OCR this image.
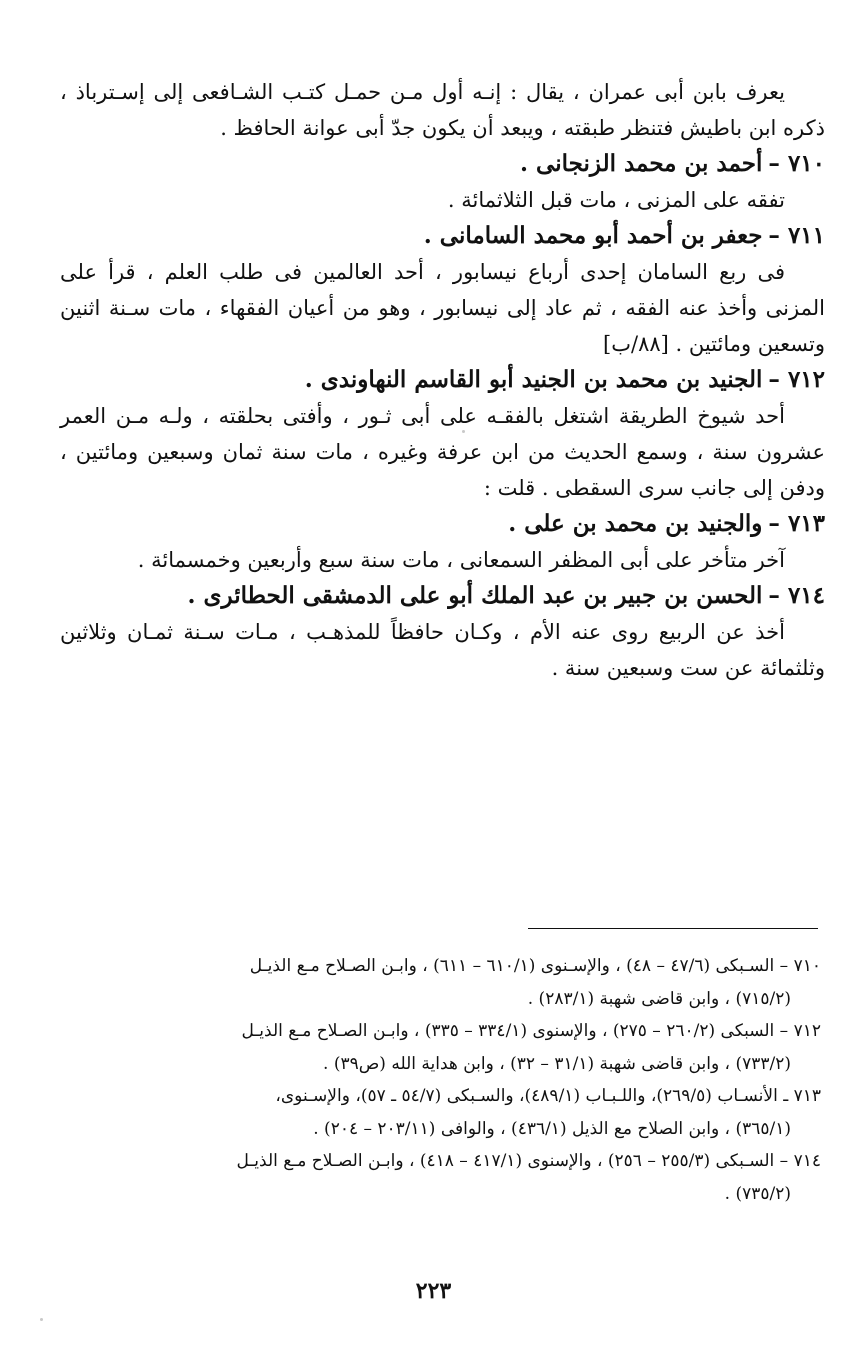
يعرف بابن أبى عمران ، يقال : إنـه أول مـن حمـل كتـب الشـافعى إلى إسـترباذ ، ذكره ابن باطيش فتنظر طبقته ، ويبعد أن يكون جدّ أبى عوانة الحافظ .

٧١٠ –أحمد بن محمد الزنجانى .

تفقه على المزنى ، مات قبل الثلاثمائة .

٧١١ –جعفر بن أحمد أبو محمد السامانى .

فى ربع السامان إحدى أرباع نيسابور ، أحد العالمين فى طلب العلم ، قرأ على المزنى وأخذ عنه الفقه ، ثم عاد إلى نيسابور ، وهو من أعيان الفقهاء ، مات سـنة اثنين وتسعين ومائتين . [٨٨/ب]

٧١٢ –الجنيد بن محمد بن الجنيد أبو القاسم النهاوندى .

أحد شيوخ الطريقة اشتغل بالفقـه على أبى ثـور ، وأفتى بحلقته ، ولـه مـن العمر عشرون سنة ، وسمع الحديث من ابن عرفة وغيره ، مات سنة ثمان وسبعين ومائتين ، ودفن إلى جانب سرى السقطى . قلت :

٧١٣ –والجنيد بن محمد بن على .

آخر متأخر على أبى المظفر السمعانى ، مات سنة سبع وأربعين وخمسمائة .

٧١٤ –الحسن بن جبير بن عبد الملك أبو على الدمشقى الحطائرى .

أخذ عن الربيع روى عنه الأم ، وكـان حافظاً للمذهـب ، مـات سـنة ثمـان وثلاثين وثلثمائة عن ست وسبعين سنة .

٧١٠ – السـبكى (٤٧/٦ – ٤٨) ، والإسـنوى (٦١٠/١ – ٦١١) ، وابـن الصـلاح مـع الذيـل
(٧١٥/٢) ، وابن قاضى شهبة (٢٨٣/١) .

٧١٢ – السبكى (٢٦٠/٢ – ٢٧٥) ، والإسنوى (٣٣٤/١ – ٣٣٥) ، وابـن الصـلاح مـع الذيـل
(٧٣٣/٢) ، وابن قاضى شهبة (٣١/١ – ٣٢) ، وابن هداية الله (ص٣٩) .

٧١٣ ـ الأنسـاب (٢٦٩/٥)، واللـبـاب (٤٨٩/١)، والسـبكى (٥٤/٧ ـ ٥٧)، والإسـنوى،
(٣٦٥/١) ، وابن الصلاح مع الذيل (٤٣٦/١) ، والوافى (٢٠٣/١١ – ٢٠٤) .

٧١٤ – السـبكى (٢٥٥/٣ – ٢٥٦) ، والإسنوى (٤١٧/١ – ٤١٨) ، وابـن الصـلاح مـع الذيـل
(٧٣٥/٢) .

٢٢٣
